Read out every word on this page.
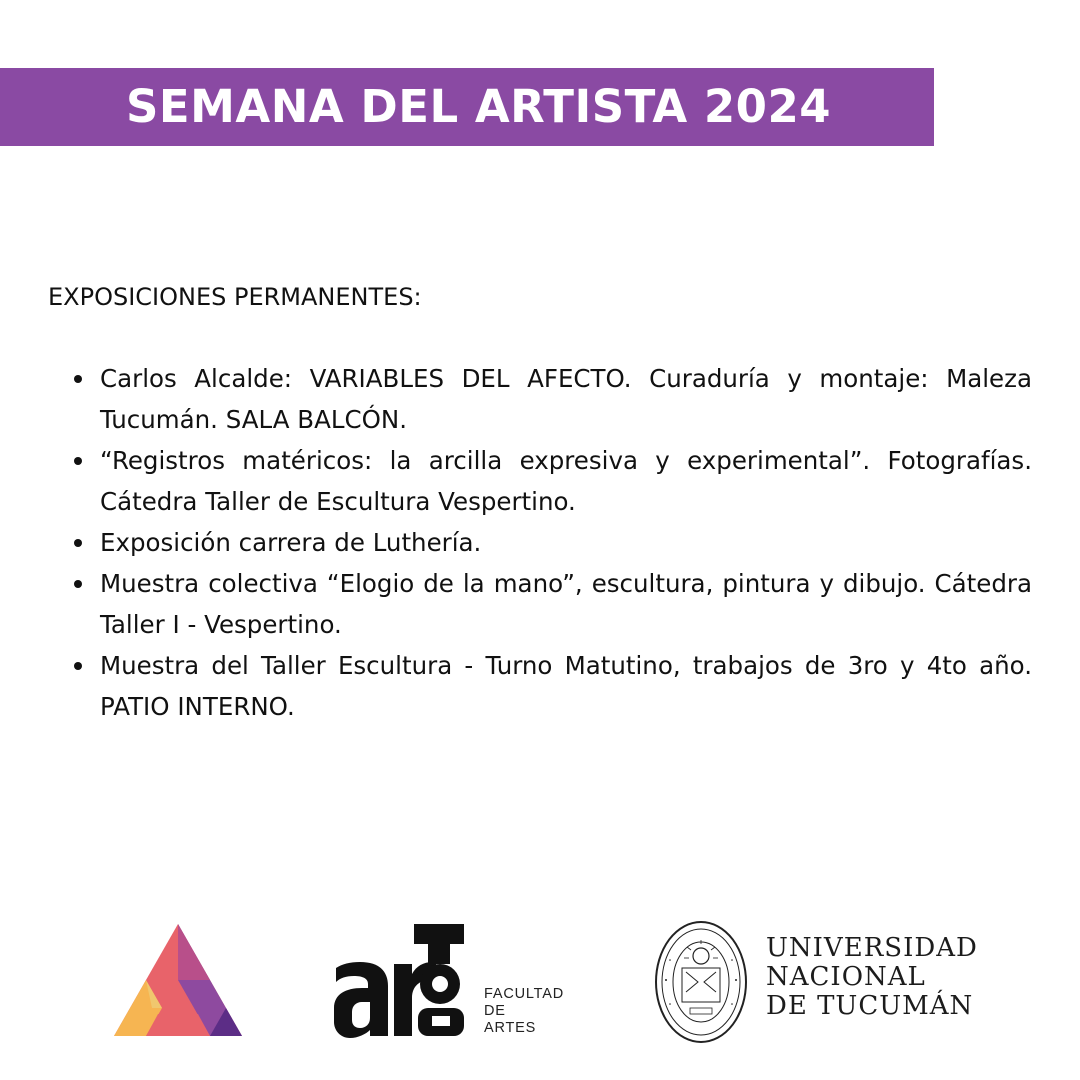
SEMANA DEL ARTISTA 2024
EXPOSICIONES PERMANENTES:
Carlos Alcalde: VARIABLES DEL AFECTO. Curaduría y montaje: Maleza Tucumán. SALA BALCÓN.
“Registros matéricos: la arcilla expresiva y experimental”. Fotografías. Cátedra Taller de Escultura Vespertino.
Exposición carrera de Luthería.
Muestra colectiva “Elogio de la mano”, escultura, pintura y dibujo. Cátedra Taller I - Vespertino.
Muestra del Taller Escultura - Turno Matutino, trabajos de 3ro y 4to año. PATIO INTERNO.
FACULTAD
DE
ARTES
UNIVERSIDAD
NACIONAL
DE TUCUMÁN
